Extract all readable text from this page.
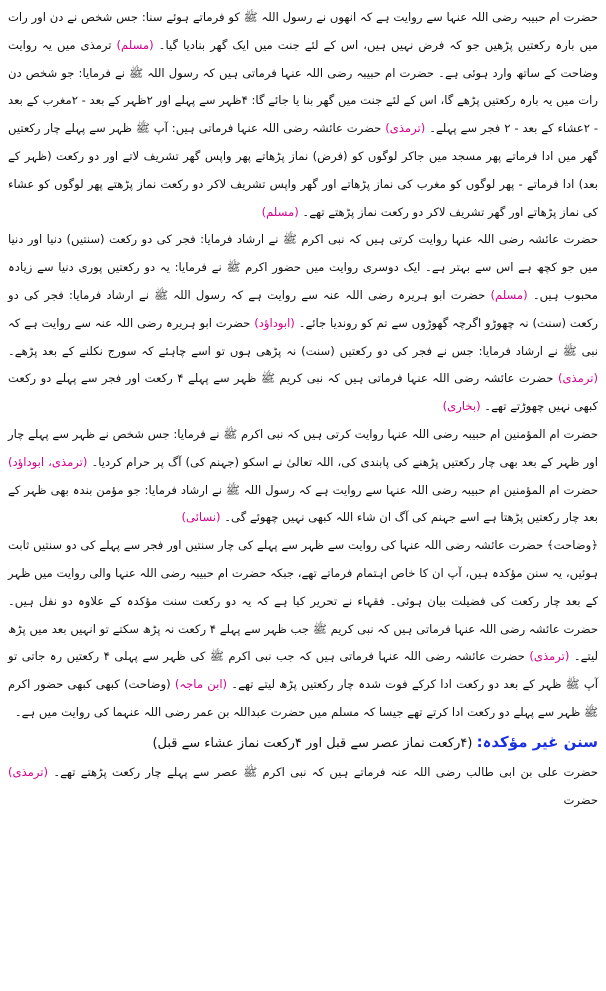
حضرت ام حبیبہ رضی اللہ عنہا سے روایت ہے کہ انھوں نے رسول اللہ ﷺ کو فرماتے ہوئے سنا: جس شخص نے دن اور رات میں بارہ رکعتیں پڑھیں جو کہ فرض نہیں ہیں، اس کے لئے جنت میں ایک گھر بنادیا گیا۔ (مسلم) ترمذی میں یہ روایت وضاحت کے ساتھ وارد ہوئی ہے۔ حضرت ام حبیبہ رضی اللہ عنہا فرماتی ہیں کہ رسول اللہ ﷺ نے فرمایا: جو شخص دن رات میں یہ بارہ رکعتیں پڑھے گا، اس کے لئے جنت میں گھر بنا یا جائے گا: ۴ظہر سے پہلے اور ۲ظہر کے بعد - ۲مغرب کے بعد - ۲عشاء کے بعد - ۲ فجر سے پہلے۔ (ترمذی) حضرت عائشہ رضی اللہ عنہا فرماتی ہیں: آپ ﷺ ظہر سے پہلے چار رکعتیں گھر میں ادا فرماتے پھر مسجد میں جاکر لوگوں کو (فرض) نماز پڑھاتے پھر واپس گھر تشریف لاتے اور دو رکعت (ظہر کے بعد) ادا فرماتے - پھر لوگوں کو مغرب کی نماز پڑھاتے اور گھر واپس تشریف لاکر دو رکعت نماز پڑھتے پھر لوگوں کو عشاء کی نماز پڑھاتے اور گھر تشریف لاکر دو رکعت نماز پڑھتے تھے۔ (مسلم)

حضرت عائشہ رضی اللہ عنہا روایت کرتی ہیں کہ نبی اکرم ﷺ نے ارشاد فرمایا: فجر کی دو رکعت (سنتیں) دنیا اور دنیا میں جو کچھ ہے اس سے بہتر ہے۔ ایک دوسری روایت میں حضور اکرم ﷺ نے فرمایا: یہ دو رکعتیں پوری دنیا سے زیادہ محبوب ہیں۔ (مسلم) حضرت ابو ہریرہ رضی اللہ عنہ سے روایت ہے کہ رسول اللہ ﷺ نے ارشاد فرمایا: فجر کی دو رکعت (سنت) نہ چھوڑو اگرچہ گھوڑوں سے تم کو روندیا جائے۔ (ابوداؤد) حضرت ابو ہریرہ رضی اللہ عنہ سے روایت ہے کہ نبی ﷺ نے ارشاد فرمایا: جس نے فجر کی دو رکعتیں (سنت) نہ پڑھی ہوں تو اسے چاہئے کہ سورج نکلنے کے بعد پڑھے۔ (ترمذی) حضرت عائشہ رضی اللہ عنہا فرماتی ہیں کہ نبی کریم ﷺ ظہر سے پہلے ۴ رکعت اور فجر سے پہلے دو رکعت کبھی نہیں چھوڑتے تھے۔ (بخاری)

حضرت ام المؤمنین ام حبیبہ رضی اللہ عنہا روایت کرتی ہیں کہ نبی اکرم ﷺ نے فرمایا: جس شخص نے ظہر سے پہلے چار اور ظہر کے بعد بھی چار رکعتیں پڑھنے کی پابندی کی، اللہ تعالیٰ نے اسکو (جہنم کی) آگ پر حرام کردیا۔ (ترمذی، ابوداؤد) حضرت ام المؤمنین ام حبیبہ رضی اللہ عنہا سے روایت ہے کہ رسول اللہ ﷺ نے ارشاد فرمایا: جو مؤمن بندہ بھی ظہر کے بعد چار رکعتیں پڑھتا ہے اسے جہنم کی آگ ان شاء اللہ کبھی نہیں چھوئے گی۔ (نسائی)

﴿وضاحت﴾ حضرت عائشہ رضی اللہ عنہا کی روایت سے ظہر سے پہلے کی چار سنتیں اور فجر سے پہلے کی دو سنتیں ثابت ہوئیں، یہ سنن مؤکدہ ہیں، آپ ان کا خاص اہتمام فرماتے تھے، جبکہ حضرت ام حبیبہ رضی اللہ عنہا والی روایت میں ظہر کے بعد چار رکعت کی فضیلت بیان ہوئی۔ فقہاء نے تحریر کیا ہے کہ یہ دو رکعت سنت مؤکدہ کے علاوہ دو نفل ہیں۔ حضرت عائشہ رضی اللہ عنہا فرماتی ہیں کہ نبی کریم ﷺ جب ظہر سے پہلے ۴ رکعت نہ پڑھ سکتے تو انہیں بعد میں پڑھ لیتے۔ (ترمذی) حضرت عائشہ رضی اللہ عنہا فرماتی ہیں کہ جب نبی اکرم ﷺ کی ظہر سے پہلی ۴ رکعتیں رہ جاتی تو آپ ﷺ ظہر کے بعد دو رکعت ادا کرکے فوت شدہ چار رکعتیں پڑھ لیتے تھے۔ (ابن ماجہ) (وضاحت) کبھی کبھی حضور اکرم ﷺ ظہر سے پہلے دو رکعت ادا کرتے تھے جیسا کہ مسلم میں حضرت عبداللہ بن عمر رضی اللہ عنہما کی روایت میں ہے۔

سنن غیر مؤکدہ: (۴رکعت نماز عصر سے قبل اور ۴رکعت نماز عشاء سے قبل)

حضرت علی بن ابی طالب رضی اللہ عنہ فرماتے ہیں کہ نبی اکرم ﷺ عصر سے پہلے چار رکعت پڑھتے تھے۔ (ترمذی) حضرت
